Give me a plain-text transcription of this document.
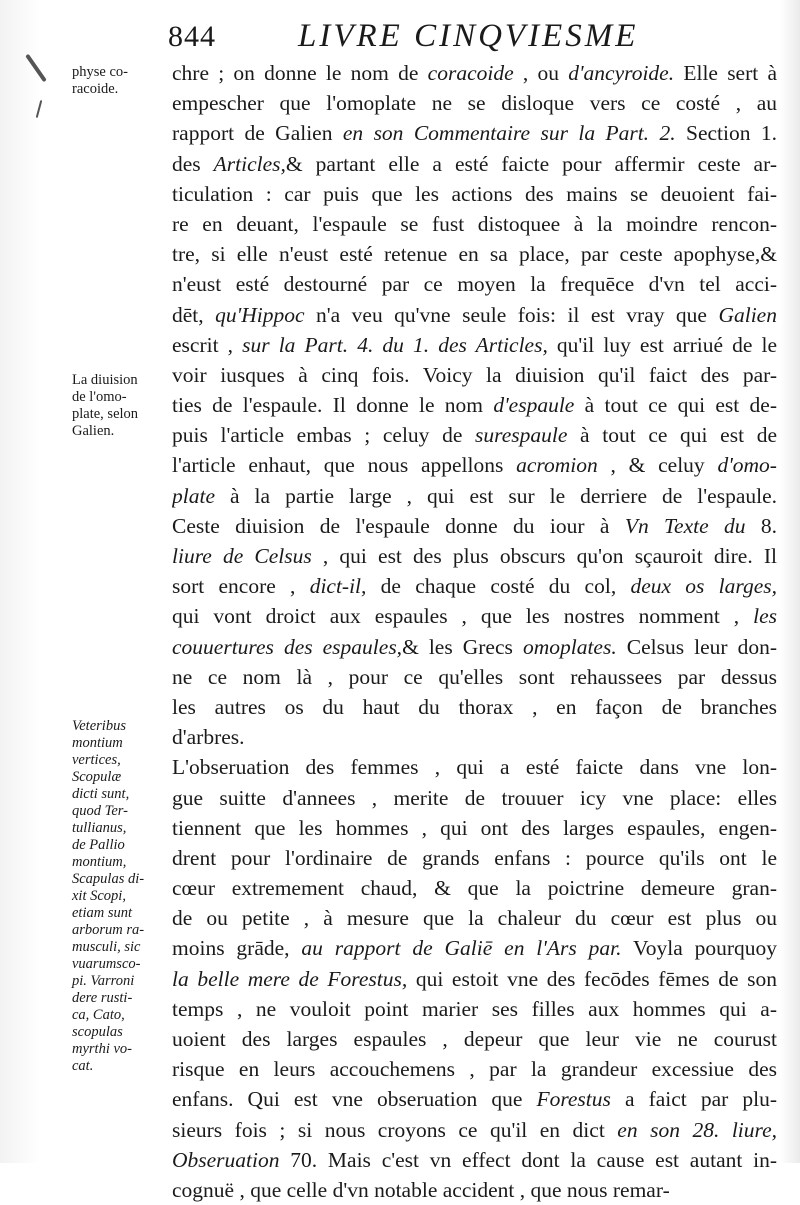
844 LIVRE CINQVIESME
physe co-
racoide.
La diuision
de l'omo-
plate, selon
Galien.
Veteribus
montium
vertices,
Scopulæ
dicti sunt,
quod Ter-
tullianus,
de Pallio
montium,
Scapulas di-
xit Scopi,
etiam sunt
arborum ra-
musculi, sic
vuarumsco-
pi. Varroni
dere rusti-
ca, Cato,
scopulas
myrthi vo-
cat.
chre ; on donne le nom de coracoide , ou d'ancyroide. Elle sert à
empescher que l'omoplate ne se disloque vers ce costé , au
rapport de Galien en son Commentaire sur la Part. 2. Section 1.
des Articles,& partant elle a esté faicte pour affermir ceste ar-
ticulation : car puis que les actions des mains se deuoient fai-
re en deuant, l'espaule se fust distoquee à la moindre rencon-
tre, si elle n'eust esté retenue en sa place, par ceste apophyse,&
n'eust esté destourné par ce moyen la frequēce d'vn tel acci-
dēt, qu'Hippoc n'a veu qu'vne seule fois: il est vray que Galien
escrit , sur la Part. 4. du 1. des Articles, qu'il luy est arriué de le
voir iusques à cinq fois. Voicy la diuision qu'il faict des par-
ties de l'espaule. Il donne le nom d'espaule à tout ce qui est de-
puis l'article embas ; celuy de surespaule à tout ce qui est de
l'article enhaut, que nous appellons acromion , & celuy d'omo-
plate à la partie large , qui est sur le derriere de l'espaule.
Ceste diuision de l'espaule donne du iour à Vn Texte du 8.
liure de Celsus , qui est des plus obscurs qu'on sçauroit dire. Il
sort encore , dict-il, de chaque costé du col, deux os larges,
qui vont droict aux espaules , que les nostres nomment , les
couuertures des espaules,& les Grecs omoplates. Celsus leur don-
ne ce nom là , pour ce qu'elles sont rehaussees par dessus
les autres os du haut du thorax , en façon de branches
d'arbres.
L'obseruation des femmes , qui a esté faicte dans vne lon-
gue suitte d'annees , merite de trouuer icy vne place: elles
tiennent que les hommes , qui ont des larges espaules, engen-
drent pour l'ordinaire de grands enfans : pource qu'ils ont le
cœur extremement chaud, & que la poictrine demeure gran-
de ou petite , à mesure que la chaleur du cœur est plus ou
moins grāde, au rapport de Galiē en l'Ars par. Voyla pourquoy
la belle mere de Forestus, qui estoit vne des fecōdes fēmes de son
temps , ne vouloit point marier ses filles aux hommes qui a-
uoient des larges espaules , depeur que leur vie ne courust
risque en leurs accouchemens , par la grandeur excessiue des
enfans. Qui est vne obseruation que Forestus a faict par plu-
sieurs fois ; si nous croyons ce qu'il en dict en son 28. liure,
Obseruation 70. Mais c'est vn effect dont la cause est autant in-
cognuë , que celle d'vn notable accident , que nous remar-
